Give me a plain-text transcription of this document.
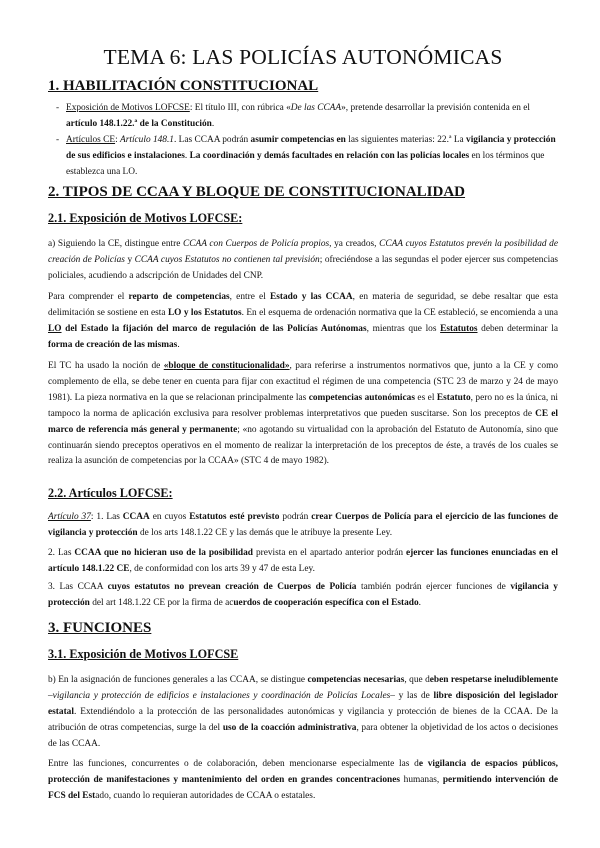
TEMA 6: LAS POLICÍAS AUTONÓMICAS
1. HABILITACIÓN CONSTITUCIONAL
- Exposición de Motivos LOFCSE: El título III, con rúbrica «De las CCAA», pretende desarrollar la previsión contenida en el artículo 148.1.22.ª de la Constitución.
- Artículos CE: Artículo 148.1. Las CCAA podrán asumir competencias en las siguientes materias: 22.ª La vigilancia y protección de sus edificios e instalaciones. La coordinación y demás facultades en relación con las policías locales en los términos que establezca una LO.
2. TIPOS DE CCAA Y BLOQUE DE CONSTITUCIONALIDAD
2.1. Exposición de Motivos LOFCSE:
a) Siguiendo la CE, distingue entre CCAA con Cuerpos de Policía propios, ya creados, CCAA cuyos Estatutos prevén la posibilidad de creación de Policías y CCAA cuyos Estatutos no contienen tal previsión; ofreciéndose a las segundas el poder ejercer sus competencias policiales, acudiendo a adscripción de Unidades del CNP.
Para comprender el reparto de competencias, entre el Estado y las CCAA, en materia de seguridad, se debe resaltar que esta delimitación se sostiene en esta LO y los Estatutos. En el esquema de ordenación normativa que la CE estableció, se encomienda a una LO del Estado la fijación del marco de regulación de las Policías Autónomas, mientras que los Estatutos deben determinar la forma de creación de las mismas.
El TC ha usado la noción de «bloque de constitucionalidad», para referirse a instrumentos normativos que, junto a la CE y como complemento de ella, se debe tener en cuenta para fijar con exactitud el régimen de una competencia (STC 23 de marzo y 24 de mayo 1981). La pieza normativa en la que se relacionan principalmente las competencias autonómicas es el Estatuto, pero no es la única, ni tampoco la norma de aplicación exclusiva para resolver problemas interpretativos que pueden suscitarse. Son los preceptos de CE el marco de referencia más general y permanente; «no agotando su virtualidad con la aprobación del Estatuto de Autonomía, sino que continuarán siendo preceptos operativos en el momento de realizar la interpretación de los preceptos de éste, a través de los cuales se realiza la asunción de competencias por la CCAA» (STC 4 de mayo 1982).
2.2. Artículos LOFCSE:
Artículo 37: 1. Las CCAA en cuyos Estatutos esté previsto podrán crear Cuerpos de Policía para el ejercicio de las funciones de vigilancia y protección de los arts 148.1.22 CE y las demás que le atribuye la presente Ley.
2. Las CCAA que no hicieran uso de la posibilidad prevista en el apartado anterior podrán ejercer las funciones enunciadas en el artículo 148.1.22 CE, de conformidad con los arts 39 y 47 de esta Ley.
3. Las CCAA cuyos estatutos no prevean creación de Cuerpos de Policía también podrán ejercer funciones de vigilancia y protección del art 148.1.22 CE por la firma de acuerdos de cooperación específica con el Estado.
3. FUNCIONES
3.1. Exposición de Motivos LOFCSE
b) En la asignación de funciones generales a las CCAA, se distingue competencias necesarias, que deben respetarse ineludiblemente –vigilancia y protección de edificios e instalaciones y coordinación de Policías Locales– y las de libre disposición del legislador estatal. Extendiéndolo a la protección de las personalidades autonómicas y vigilancia y protección de bienes de la CCAA. De la atribución de otras competencias, surge la del uso de la coacción administrativa, para obtener la objetividad de los actos o decisiones de las CCAA.
Entre las funciones, concurrentes o de colaboración, deben mencionarse especialmente las de vigilancia de espacios públicos, protección de manifestaciones y mantenimiento del orden en grandes concentraciones humanas, permitiendo intervención de FCS del Estado, cuando lo requieran autoridades de CCAA o estatales.
